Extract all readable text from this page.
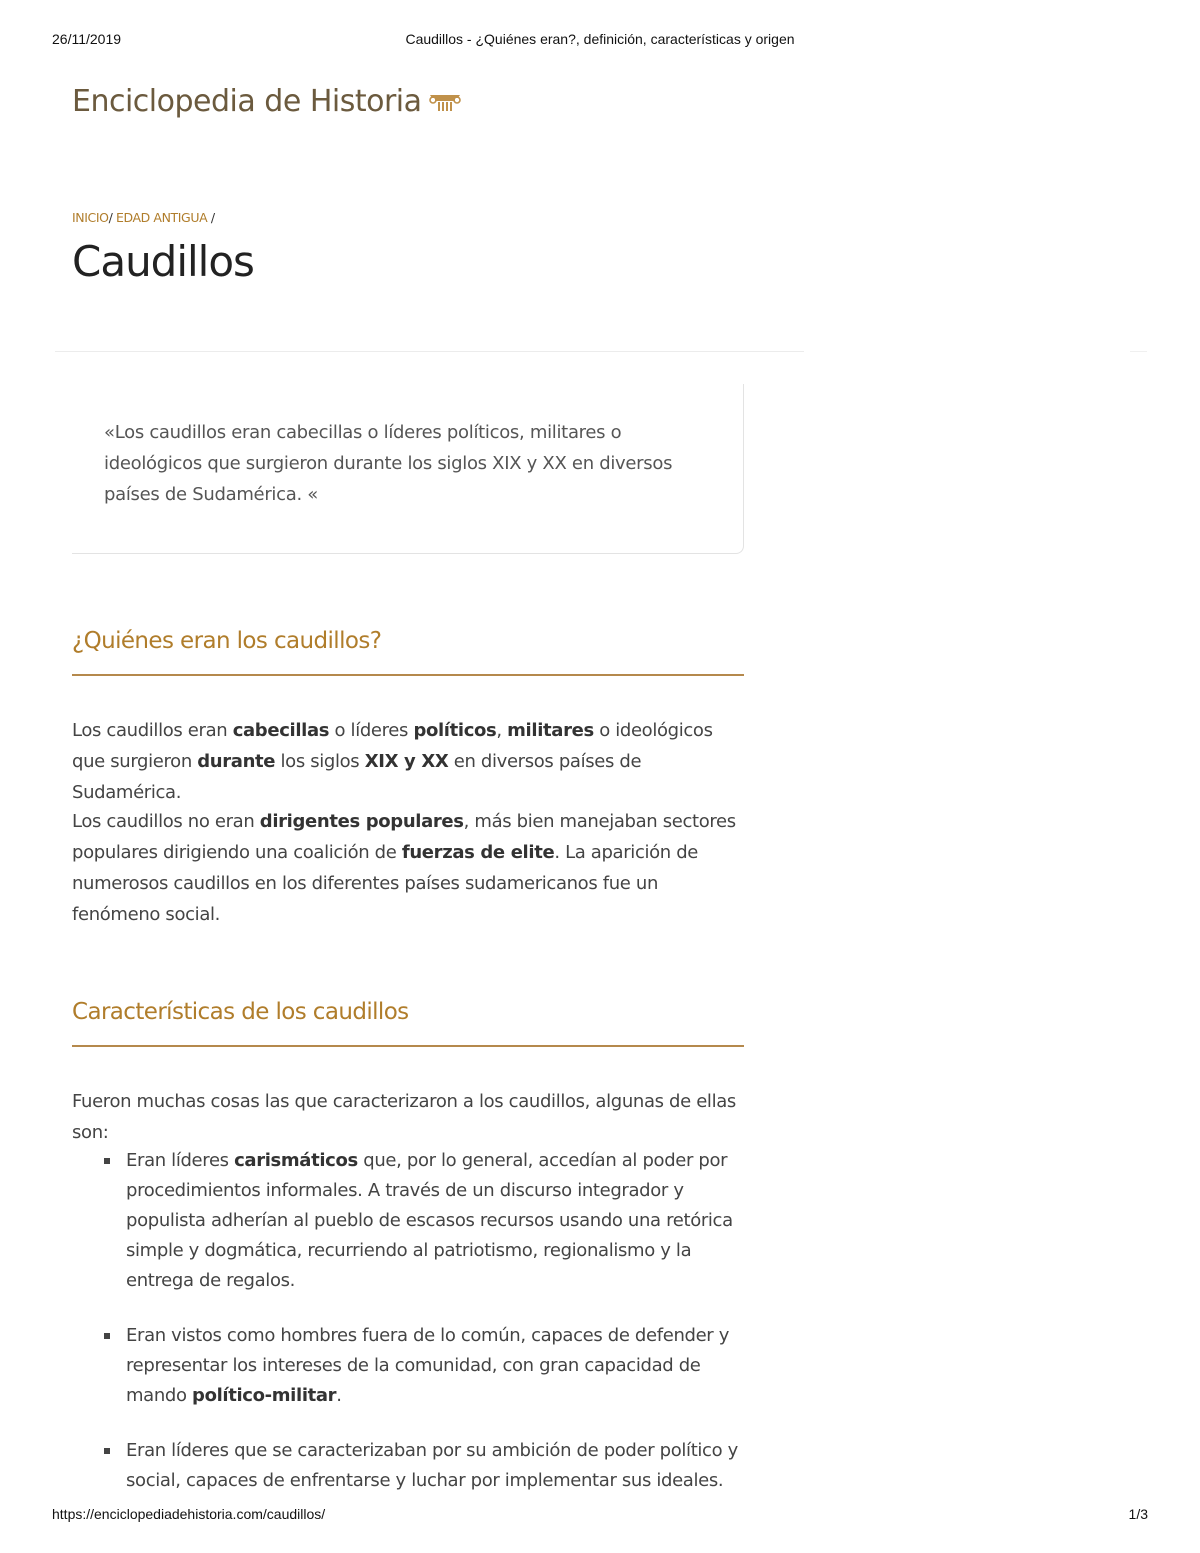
26/11/2019	Caudillos - ¿Quiénes eran?, definición, características y origen
Enciclopedia de Historia
INICIO/ EDAD ANTIGUA /
Caudillos

«Los caudillos eran cabecillas o líderes políticos, militares o ideológicos que surgieron durante los siglos XIX y XX en diversos países de Sudamérica. «

¿Quiénes eran los caudillos?

Los caudillos eran cabecillas o líderes políticos, militares o ideológicos que surgieron durante los siglos XIX y XX en diversos países de Sudamérica.

Los caudillos no eran dirigentes populares, más bien manejaban sectores populares dirigiendo una coalición de fuerzas de elite. La aparición de numerosos caudillos en los diferentes países sudamericanos fue un fenómeno social.

Características de los caudillos

Fueron muchas cosas las que caracterizaron a los caudillos, algunas de ellas son:

Eran líderes carismáticos que, por lo general, accedían al poder por procedimientos informales. A través de un discurso integrador y populista adherían al pueblo de escasos recursos usando una retórica simple y dogmática, recurriendo al patriotismo, regionalismo y la entrega de regalos.

Eran vistos como hombres fuera de lo común, capaces de defender y representar los intereses de la comunidad, con gran capacidad de mando político-militar.

Eran líderes que se caracterizaban por su ambición de poder político y social, capaces de enfrentarse y luchar por implementar sus ideales.

https://enciclopediadehistoria.com/caudillos/	1/3
